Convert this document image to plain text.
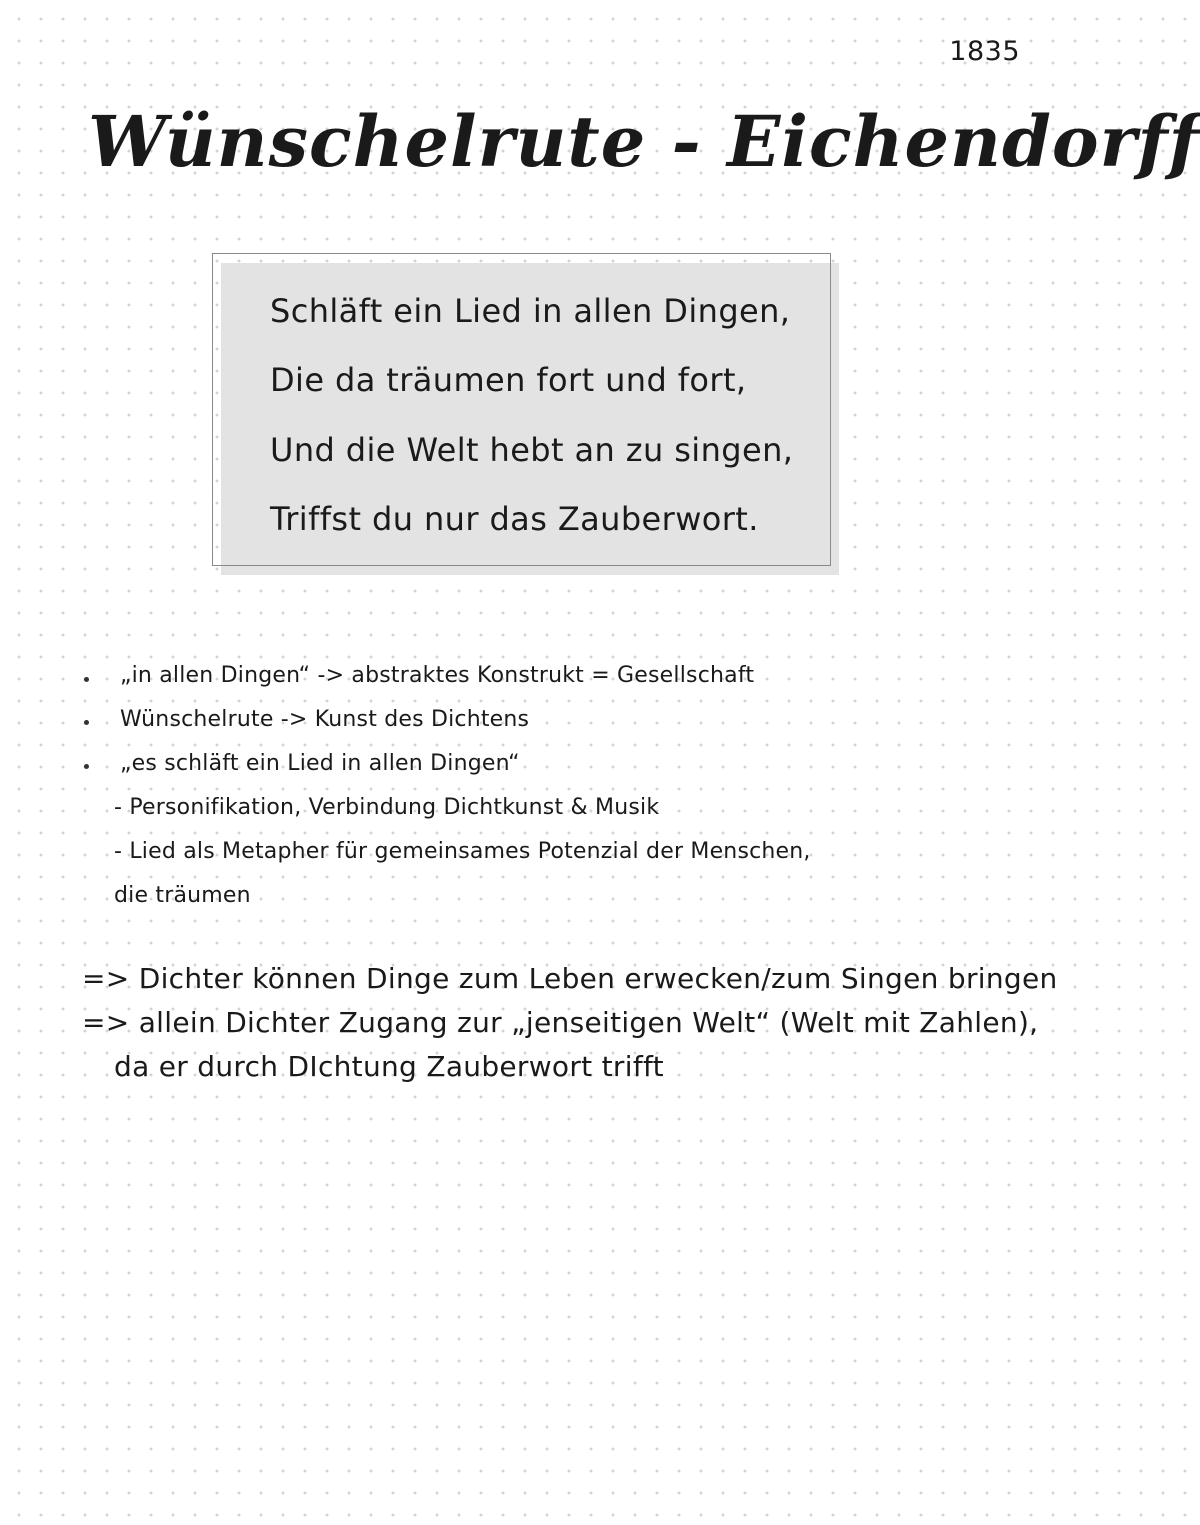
1835
Wünschelrute - Eichendorff
Schläft ein Lied in allen Dingen,
Die da träumen fort und fort,
Und die Welt hebt an zu singen,
Triffst du nur das Zauberwort.
„in allen Dingen“ -> abstraktes Konstrukt = Gesellschaft
Wünschelrute -> Kunst des Dichtens
„es schläft ein Lied in allen Dingen“
- Personifikation, Verbindung Dichtkunst & Musik
- Lied als Metapher für gemeinsames Potenzial der Menschen,
die träumen
=> Dichter können Dinge zum Leben erwecken/zum Singen bringen
=> allein Dichter Zugang zur „jenseitigen Welt“ (Welt mit Zahlen),
da er durch DIchtung Zauberwort trifft
